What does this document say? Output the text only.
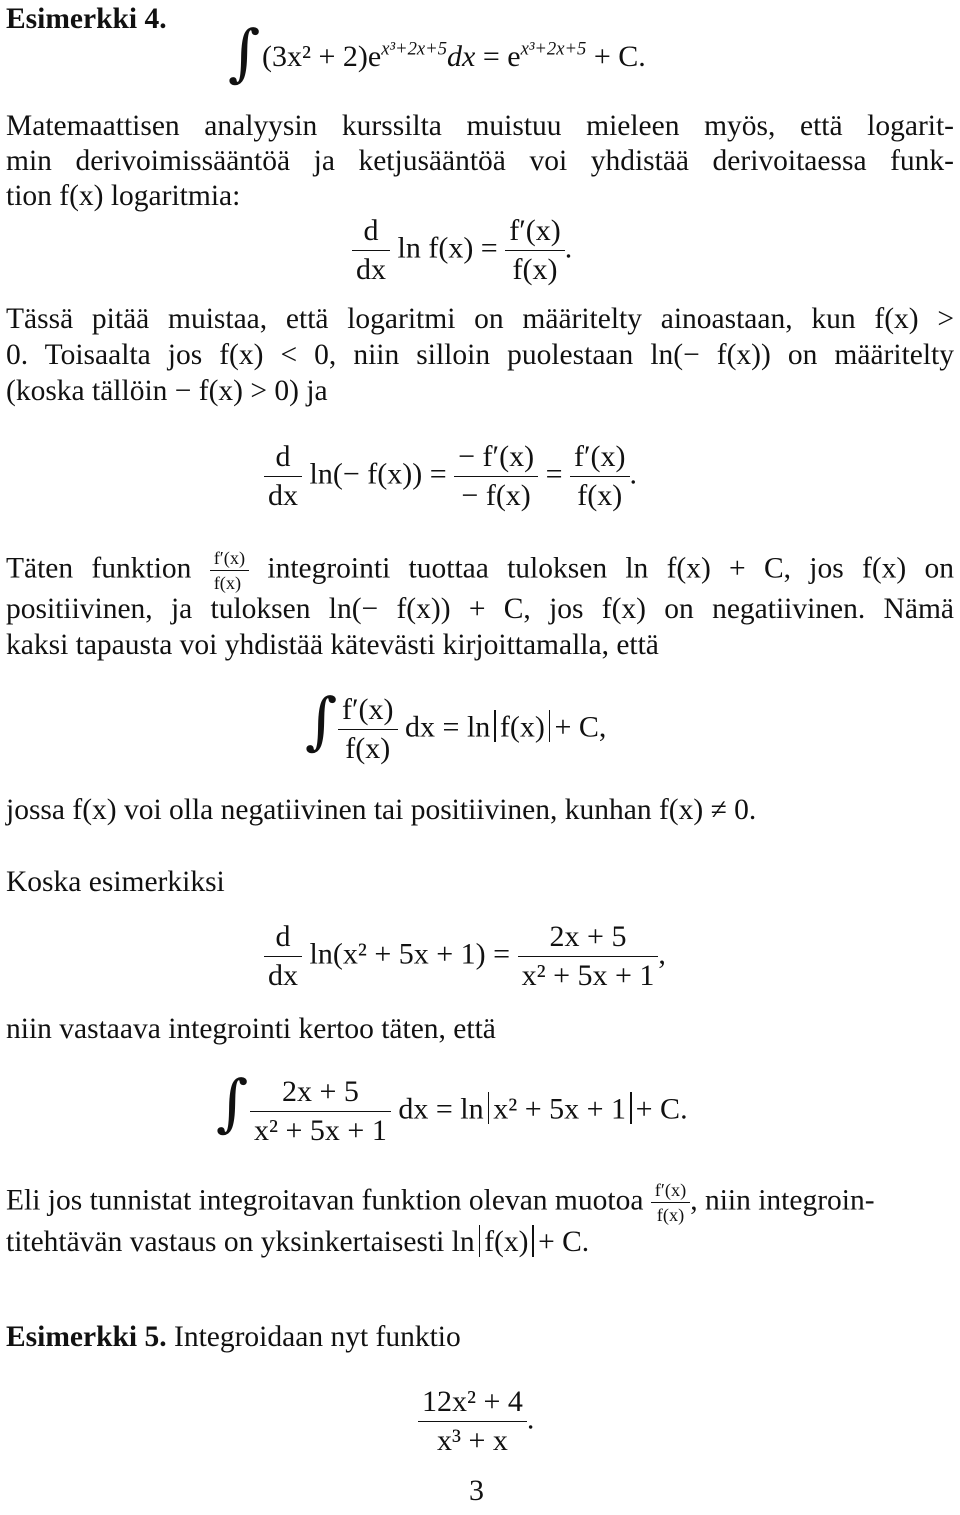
Esimerkki 4. ∫ $(3x^2 + 2)e^{x^3+2x+5}dx = e^{x^3+2x+5} + C$.
Matemaattisen analyysin kurssilta muistuu mieleen myös, että logarit-
min derivoimissääntöä ja ketjusääntöä voi yhdistää derivoitaessa funk-
tion f(x) logaritmia:
$\frac{d}{dx}$ $\ln f(x) = \frac{f'(x)}{f(x)}$ .
Tässä pitää muistaa, että logaritmi on määritelty ainoastaan, kun f(x) >
0. Toisaalta jos f(x) < 0, niin silloin puolestaan ln(− f(x)) on määritelty
(koska tällöin − f(x) > 0) ja
$\frac{d}{dx} \ln(- f(x)) = \frac{- f'(x)}{- f(x)} = \frac{f'(x)}{f(x)}$ .
Täten funktion $\frac{f'(x)}{f(x)}$ integrointi tuottaa tuloksen ln f(x) + C, jos f(x) on
positiivinen, ja tuloksen ln(− f(x)) + C, jos f(x) on negatiivinen. Nämä
kaksi tapausta voi yhdistää kätevästi kirjoittamalla, että
∫ $\frac{f'(x)}{f(x)}$ dx = ln f(x) + C,
jossa f(x) voi olla negatiivinen tai positiivinen, kunhan f(x) ≠ 0.
Koska esimerkiksi
$\frac{d}{dx} \ln(x^2 + 5x + 1) = \frac{2x + 5}{\text{x² + 5x + 1}}$ ,
niin vastaava integrointi kertoo täten, että
∫ $\frac{2x + 5}{\text{x² + 5x + 1}}$ dx = ln x² + 5x + 1 + C.
Eli jos tunnistat integroitavan funktion olevan muotoa $\frac{f'(x)}{f(x)}$ , niin integroin-
titehtävän vastaus on yksinkertaisesti ln f(x) + C.
Esimerkki 5. Integroidaan nyt funktio
$\frac{\text{12x² + 4}}{\text{x³ + x}}$ .
3
